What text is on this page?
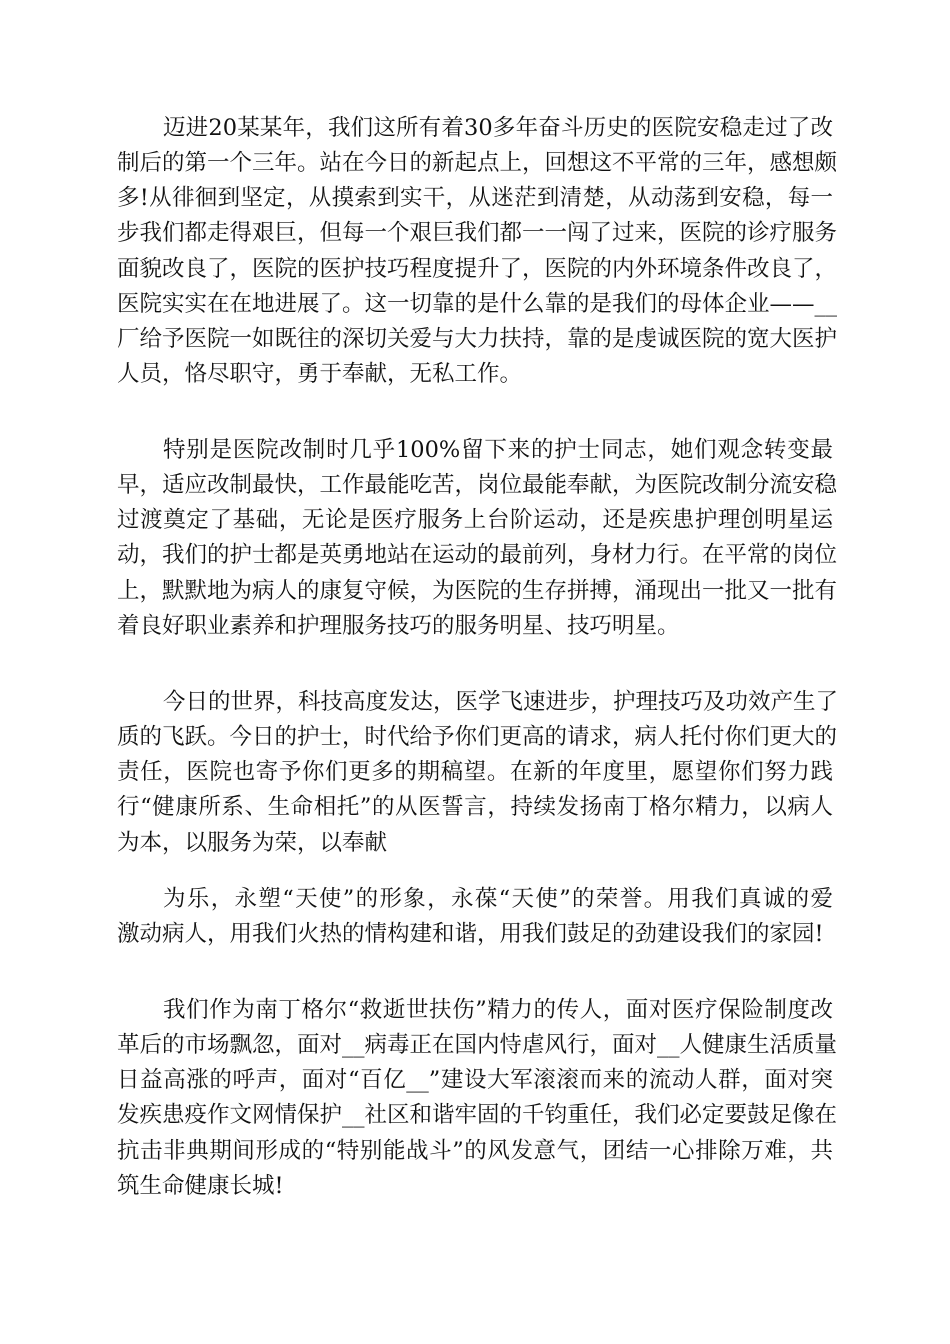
迈进20某某年，我们这所有着30多年奋斗历史的医院安稳走过了改
制后的第一个三年。站在今日的新起点上，回想这不平常的三年，感想颇
多!从徘徊到坚定，从摸索到实干，从迷茫到清楚，从动荡到安稳，每一
步我们都走得艰巨，但每一个艰巨我们都一一闯了过来，医院的诊疗服务
面貌改良了，医院的医护技巧程度提升了，医院的内外环境条件改良了，
医院实实在在地进展了。这一切靠的是什么靠的是我们的母体企业——__
厂给予医院一如既往的深切关爱与大力扶持，靠的是虔诚医院的宽大医护
人员，恪尽职守，勇于奉献，无私工作。
特别是医院改制时几乎100%留下来的护士同志，她们观念转变最
早，适应改制最快，工作最能吃苦，岗位最能奉献，为医院改制分流安稳
过渡奠定了基础，无论是医疗服务上台阶运动，还是疾患护理创明星运
动，我们的护士都是英勇地站在运动的最前列，身材力行。在平常的岗位
上，默默地为病人的康复守候，为医院的生存拼搏，涌现出一批又一批有
着良好职业素养和护理服务技巧的服务明星、技巧明星。
今日的世界，科技高度发达，医学飞速进步，护理技巧及功效产生了
质的飞跃。今日的护士，时代给予你们更高的请求，病人托付你们更大的
责任，医院也寄予你们更多的期稿望。在新的年度里，愿望你们努力践
行“健康所系、生命相托”的从医誓言，持续发扬南丁格尔精力，以病人
为本，以服务为荣，以奉献
为乐，永塑“天使”的形象，永葆“天使”的荣誉。用我们真诚的爱
激动病人，用我们火热的情构建和谐，用我们鼓足的劲建设我们的家园!
我们作为南丁格尔“救逝世扶伤”精力的传人，面对医疗保险制度改
革后的市场飘忽，面对__病毒正在国内恃虐风行，面对__人健康生活质量
日益高涨的呼声，面对“百亿__”建设大军滚滚而来的流动人群，面对突
发疾患疫作文网情保护__社区和谐牢固的千钧重任，我们必定要鼓足像在
抗击非典期间形成的“特别能战斗”的风发意气，团结一心排除万难，共
筑生命健康长城!
